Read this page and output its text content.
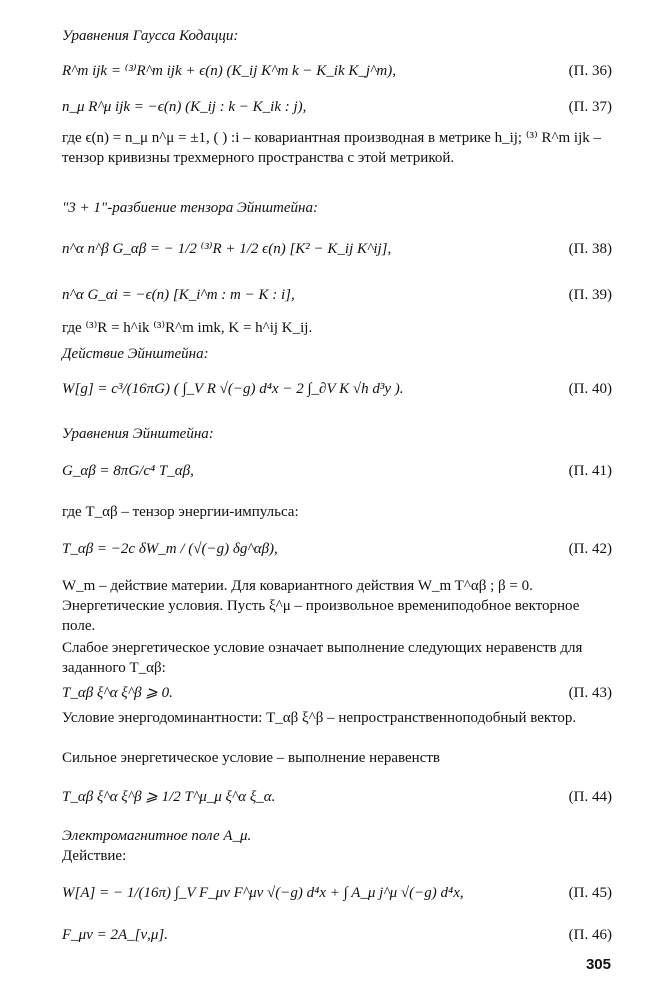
Уравнения Гаусса Кодацци:
R^m ijk = ⁽³⁾R^m ijk + ϵ(n) (K_ij K^m k − K_ik K_j^m),	(П. 36)
n_μ R^μ ijk = −ϵ(n) (K_ij : k − K_ik : j),	(П. 37)
где ϵ(n) = n_μ n^μ = ±1, ( ) :i – ковариантная производная в метрике h_ij; ⁽³⁾ R^m ijk – тензор кривизны трехмерного пространства с этой метрикой.
"3 + 1"-разбиение тензора Эйнштейна:
n^α n^β G_αβ = − 1/2 ⁽³⁾R + 1/2 ϵ(n) [K² − K_ij K^ij],	(П. 38)
n^α G_αi = −ϵ(n) [K_i^m : m − K : i],	(П. 39)
где ⁽³⁾R = h^ik ⁽³⁾R^m imk, K = h^ij K_ij.
Действие Эйнштейна:
W[g] = c³/(16πG) ( ∫_V R √(−g) d⁴x − 2 ∫_∂V K √h d³y ).	(П. 40)
Уравнения Эйнштейна:
G_αβ = 8πG/c⁴ T_αβ,	(П. 41)
где T_αβ – тензор энергии-импульса:
T_αβ = −2c δW_m / (√(−g) δg^αβ),	(П. 42)
W_m – действие материи. Для ковариантного действия W_m T^αβ ; β = 0.
Энергетические условия. Пусть ξ^μ – произвольное времениподобное векторное поле.
Слабое энергетическое условие означает выполнение следующих неравенств для заданного T_αβ:
T_αβ ξ^α ξ^β ⩾ 0.	(П. 43)
Условие энергодоминантности: T_αβ ξ^β – непространственноподобный вектор.
Сильное энергетическое условие – выполнение неравенств
T_αβ ξ^α ξ^β ⩾ 1/2 T^μ_μ ξ^α ξ_α.	(П. 44)
Электромагнитное поле A_μ.
Действие:
W[A] = − 1/(16π) ∫_V F_μν F^μν √(−g) d⁴x + ∫ A_μ j^μ √(−g) d⁴x,	(П. 45)
F_μν = 2A_[ν,μ].	(П. 46)
305
